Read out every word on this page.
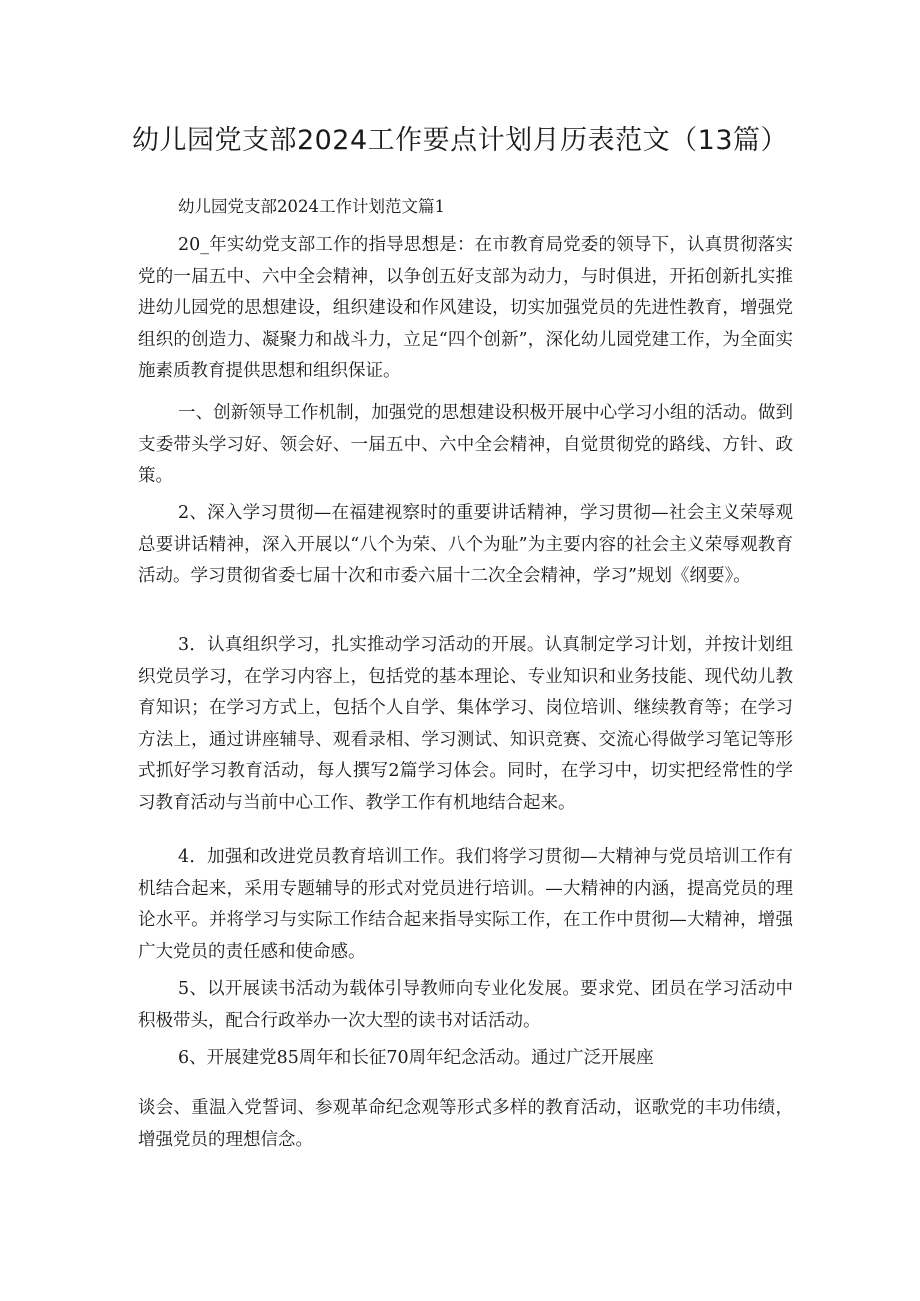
幼儿园党支部2024工作要点计划月历表范文（13篇）

幼儿园党支部2024工作计划范文篇1

20_年实幼党支部工作的指导思想是：在市教育局党委的领导下，认真贯彻落实党的一届五中、六中全会精神，以争创五好支部为动力，与时俱进，开拓创新扎实推进幼儿园党的思想建设，组织建设和作风建设，切实加强党员的先进性教育，增强党组织的创造力、凝聚力和战斗力，立足“四个创新”，深化幼儿园党建工作，为全面实施素质教育提供思想和组织保证。

一、创新领导工作机制，加强党的思想建设积极开展中心学习小组的活动。做到支委带头学习好、领会好、一届五中、六中全会精神，自觉贯彻党的路线、方针、政策。

2、深入学习贯彻—在福建视察时的重要讲话精神，学习贯彻—社会主义荣辱观总要讲话精神，深入开展以“八个为荣、八个为耻”为主要内容的社会主义荣辱观教育活动。学习贯彻省委七届十次和市委六届十二次全会精神，学习”规划《纲要》。

3．认真组织学习，扎实推动学习活动的开展。认真制定学习计划，并按计划组织党员学习，在学习内容上，包括党的基本理论、专业知识和业务技能、现代幼儿教育知识；在学习方式上，包括个人自学、集体学习、岗位培训、继续教育等；在学习方法上，通过讲座辅导、观看录相、学习测试、知识竞赛、交流心得做学习笔记等形式抓好学习教育活动，每人撰写2篇学习体会。同时，在学习中，切实把经常性的学习教育活动与当前中心工作、教学工作有机地结合起来。

4．加强和改进党员教育培训工作。我们将学习贯彻—大精神与党员培训工作有机结合起来，采用专题辅导的形式对党员进行培训。—大精神的内涵，提高党员的理论水平。并将学习与实际工作结合起来指导实际工作，在工作中贯彻—大精神，增强广大党员的责任感和使命感。

5、以开展读书活动为载体引导教师向专业化发展。要求党、团员在学习活动中积极带头，配合行政举办一次大型的读书对话活动。

6、开展建党85周年和长征70周年纪念活动。通过广泛开展座

谈会、重温入党誓词、参观革命纪念观等形式多样的教育活动，讴歌党的丰功伟绩，增强党员的理想信念。
